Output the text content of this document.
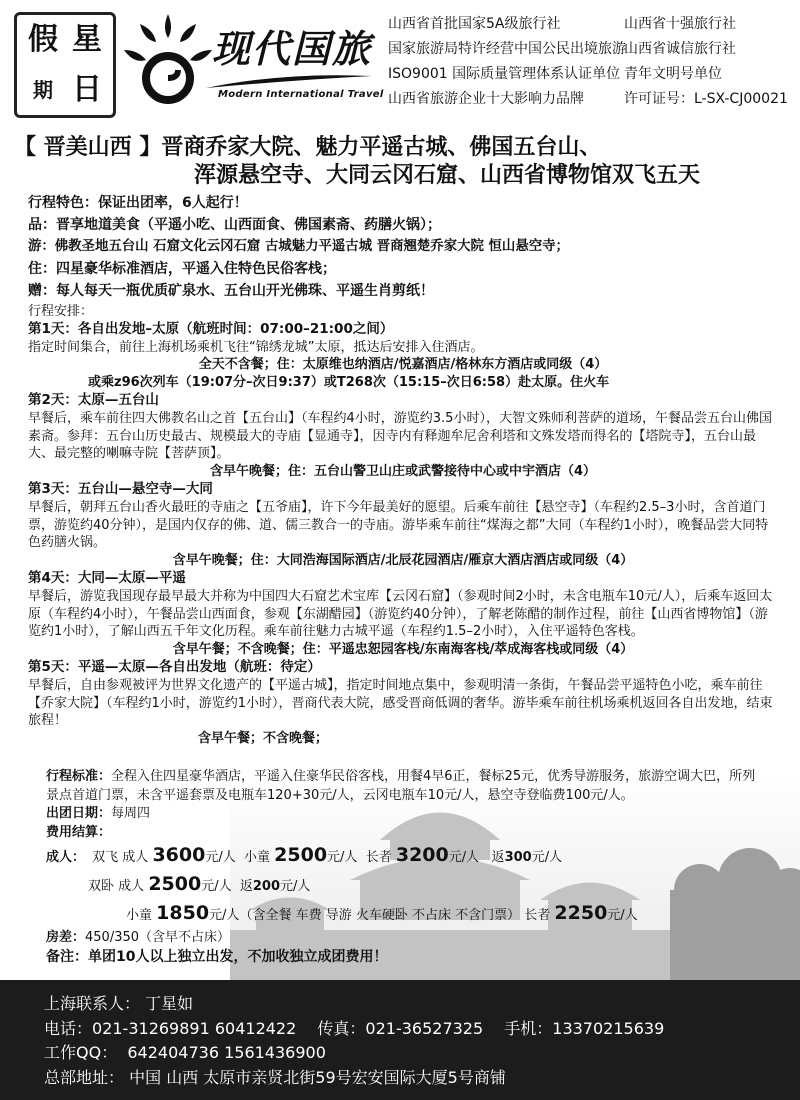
假 星
期 日
现代国旅
Modern International Travel
山西省首批国家5A级旅行社	山西省十强旅行社
国家旅游局特许经营中国公民出境旅游
山西省诚信旅行社
ISO9001 国际质量管理体系认证单位 青年文明号单位
山西省旅游企业十大影响力品牌	许可证号：L-SX-CJ00021
【 晋美山西 】晋商乔家大院、魅力平遥古城、佛国五台山、
浑源悬空寺、大同云冈石窟、山西省博物馆双飞五天
行程特色：保证出团率，6人起行！
品：晋享地道美食（平遥小吃、山西面食、佛国素斋、药膳火锅）；
游：佛教圣地五台山 石窟文化云冈石窟 古城魅力平遥古城 晋商翘楚乔家大院 恒山悬空寺；
住：四星豪华标准酒店，平遥入住特色民俗客栈；
赠：每人每天一瓶优质矿泉水、五台山开光佛珠、平遥生肖剪纸！
行程安排：
第1天：各自出发地–太原（航班时间：07:00–21:00之间）
指定时间集合，前往上海机场乘机飞往“锦绣龙城”太原，抵达后安排入住酒店。
全天不含餐；住：太原维也纳酒店/悦嘉酒店/格林东方酒店或同级（4）
或乘z96次列车（19:07分–次日9:37）或T268次（15:15–次日6:58）赴太原。住火车
第2天：太原—五台山
早餐后，乘车前往四大佛教名山之首【五台山】（车程约4小时，游览约3.5小时），大智文殊师利菩萨的道场，午餐品尝五台山佛国素斋。参拜：五台山历史最古、规模最大的寺庙【显通寺】，因寺内有释迦牟尼舍利塔和文殊发塔而得名的【塔院寺】，五台山最大、最完整的喇嘛寺院【菩萨顶】。
含早午晚餐；住：五台山警卫山庄或武警接待中心或中宇酒店（4）
第3天：五台山—悬空寺—大同
早餐后，朝拜五台山香火最旺的寺庙之【五爷庙】，许下今年最美好的愿望。后乘车前往【悬空寺】（车程约2.5–3小时，含首道门票，游览约40分钟），是国内仅存的佛、道、儒三教合一的寺庙。游毕乘车前往“煤海之都”大同（车程约1小时），晚餐品尝大同特色药膳火锅。
含早午晚餐；住：大同浩海国际酒店/北辰花园酒店/雁京大酒店酒店或同级（4）
第4天：大同—太原—平遥
早餐后，游览我国现存最早最大并称为中国四大石窟艺术宝库【云冈石窟】（参观时间2小时，未含电瓶车10元/人），后乘车返回太原（车程约4小时），午餐品尝山西面食，参观【东湖醋园】（游览约40分钟），了解老陈醋的制作过程，前往【山西省博物馆】（游览约1小时），了解山西五千年文化历程。乘车前往魅力古城平遥（车程约1.5–2小时），入住平遥特色客栈。
含早午餐；不含晚餐；住：平遥忠恕园客栈/东南海客栈/萃成海客栈或同级（4）
第5天：平遥—太原—各自出发地（航班：待定）
早餐后，自由参观被评为世界文化遗产的【平遥古城】，指定时间地点集中，参观明清一条街，午餐品尝平遥特色小吃，乘车前往【乔家大院】（车程约1小时，游览约1小时），晋商代表大院，感受晋商低调的奢华。游毕乘车前往机场乘机返回各自出发地，结束旅程！
含早午餐；不含晚餐；
行程标准：全程入住四星豪华酒店，平遥入住豪华民俗客栈，用餐4早6正，餐标25元，优秀导游服务，旅游空调大巴，所列景点首道门票，未含平遥套票及电瓶车120+30元/人，云冈电瓶车10元/人，悬空寺登临费100元/人。
出团日期：每周四
费用结算：
成人： 双飞 成人 3600元/人 小童 2500元/人 长者 3200元/人 返300元/人
双卧 成人 2500元/人 返200元/人
小童 1850元/人（含全餐 车费 导游 火车硬卧 不占床 不含门票） 长者 2250元/人
房差：450/350（含早不占床）
备注：单团10人以上独立出发，不加收独立成团费用！
上海联系人： 丁星如
电话：021-31269891 60412422 传真：021-36527325 手机：13370215639
工作QQ： 642404736 1561436900
总部地址： 中国 山西 太原市亲贤北街59号宏安国际大厦5号商铺
